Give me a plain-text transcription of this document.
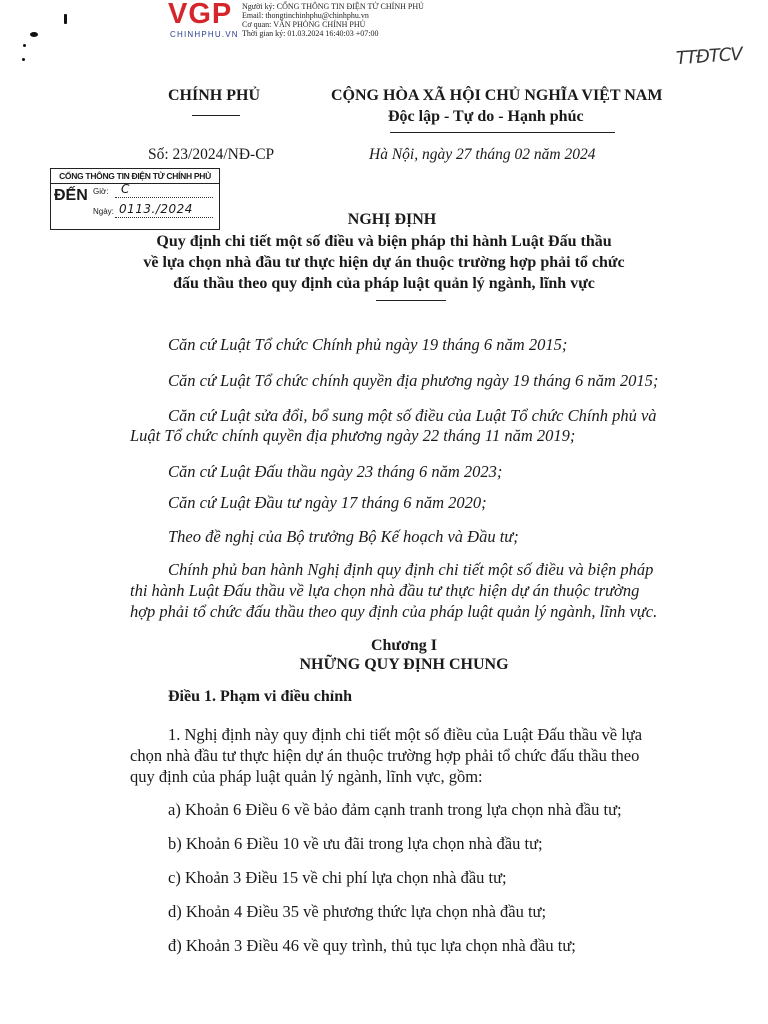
VGP
CHINHPHU.VN
Người ký: CỔNG THÔNG TIN ĐIỆN TỬ CHÍNH PHỦ
Email: thongtinchinhphu@chinhphu.vn
Cơ quan: VĂN PHÒNG CHÍNH PHỦ
Thời gian ký: 01.03.2024 16:40:03 +07:00
TTĐTCV
CHÍNH PHỦ	CỘNG HÒA XÃ HỘI CHỦ NGHĨA VIỆT NAM
Độc lập - Tự do - Hạnh phúc
Số: 23/2024/NĐ-CP	Hà Nội, ngày 27 tháng 02 năm 2024
CỔNG THÔNG TIN ĐIỆN TỬ CHÍNH PHỦ
ĐẾN Giờ: C
Ngày: 0113./2024
NGHỊ ĐỊNH
Quy định chi tiết một số điều và biện pháp thi hành Luật Đấu thầu
về lựa chọn nhà đầu tư thực hiện dự án thuộc trường hợp phải tổ chức
đấu thầu theo quy định của pháp luật quản lý ngành, lĩnh vực
Căn cứ Luật Tổ chức Chính phủ ngày 19 tháng 6 năm 2015;
Căn cứ Luật Tổ chức chính quyền địa phương ngày 19 tháng 6 năm 2015;
Căn cứ Luật sửa đổi, bổ sung một số điều của Luật Tổ chức Chính phủ và
Luật Tổ chức chính quyền địa phương ngày 22 tháng 11 năm 2019;
Căn cứ Luật Đấu thầu ngày 23 tháng 6 năm 2023;
Căn cứ Luật Đầu tư ngày 17 tháng 6 năm 2020;
Theo đề nghị của Bộ trưởng Bộ Kế hoạch và Đầu tư;
Chính phủ ban hành Nghị định quy định chi tiết một số điều và biện pháp
thi hành Luật Đấu thầu về lựa chọn nhà đầu tư thực hiện dự án thuộc trường
hợp phải tổ chức đấu thầu theo quy định của pháp luật quản lý ngành, lĩnh vực.
Chương I
NHỮNG QUY ĐỊNH CHUNG
Điều 1. Phạm vi điều chỉnh
1. Nghị định này quy định chi tiết một số điều của Luật Đấu thầu về lựa
chọn nhà đầu tư thực hiện dự án thuộc trường hợp phải tổ chức đấu thầu theo
quy định của pháp luật quản lý ngành, lĩnh vực, gồm:
a) Khoản 6 Điều 6 về bảo đảm cạnh tranh trong lựa chọn nhà đầu tư;
b) Khoản 6 Điều 10 về ưu đãi trong lựa chọn nhà đầu tư;
c) Khoản 3 Điều 15 về chi phí lựa chọn nhà đầu tư;
d) Khoản 4 Điều 35 về phương thức lựa chọn nhà đầu tư;
đ) Khoản 3 Điều 46 về quy trình, thủ tục lựa chọn nhà đầu tư;
